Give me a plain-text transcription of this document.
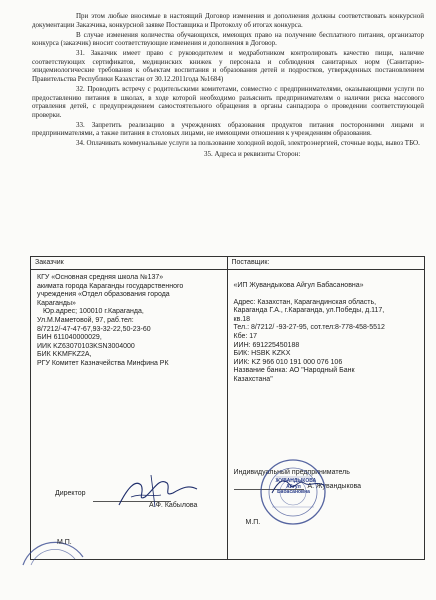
При этом любые вносимые в настоящий Договор изменения и дополнения должны соответствовать конкурсной документации Заказчика, конкурсной заявке Поставщика и Протоколу об итогах конкурса.

В случае изменения количества обучающихся, имеющих право на получение бесплатного питания, организатор конкурса (заказчик) вносит соответствующие изменения и дополнения в Договор.

31. Заказчик имеет право с руководителем и медработником контролировать качество пищи, наличие соответствующих сертификатов, медицинских книжек у персонала и соблюдения санитарных норм (Санитарно-эпидемиологические требования к объектам воспитания и образования детей и подростков, утвержденных постановлением Правительства Республики Казахстан от 30.12.2011года №1684)

32. Проводить встречу с родительскими комитетами, совместно с предпринимателями, оказывающими услуги по предоставлению питания в школах, в ходе которой необходимо разъяснить предпринимателям о наличии риска массового отравления детей, с предупреждением самостоятельного обращения в органы санпадзора о проведении соответствующей проверки.

33. Запретить реализацию в учреждениях образования продуктов питания посторонними лицами и предпринимателями, а также питания в столовых лицами, не имеющими отношения к учреждениям образования.

34. Оплачивать коммунальные услуги за пользование холодной водой, электроэнергией, сточные воды, вывоз ТБО.

35. Адреса и реквизиты Сторон:

Заказчик
КГУ «Основная средняя школа №137»
акимата города Караганды государственного
учреждения «Отдел образования города
Караганды»
Юр.адрес; 100010 г.Караганда,
Ул.М.Маметовой, 97, раб.тел:
8/7212/-47-47-67,93-32-22,50-23-60
БИН 611040000029,
ИИК KZ63070103KSN3004000
БИК KKMFKZ2A,
РГУ Комитет Казначейства Минфина РК
Директор
А.Ф. Кабылова
М.П.
Поставщик:
«ИП Жувандыкова Айгул Бабасановна»
Адрес: Казахстан, Карагандинская область,
Караганда Г.А., г.Караганда, ул.Победы, д.117,
кв.18
Тел.: 8/7212/ -93-27-95, сот.тел:8-778-458-5512
Кбе: 17
ИИН: 691225450188
БИК: HSBK KZKX
ИИК: KZ 966 010 191 000 076 106
Название банка: АО "Народный Банк
Казахстана"
Индивидуальный предприниматель
А. Жувандыкова
ЖУВАНДЫКОВА Айгул Бабасановна
М.П.
